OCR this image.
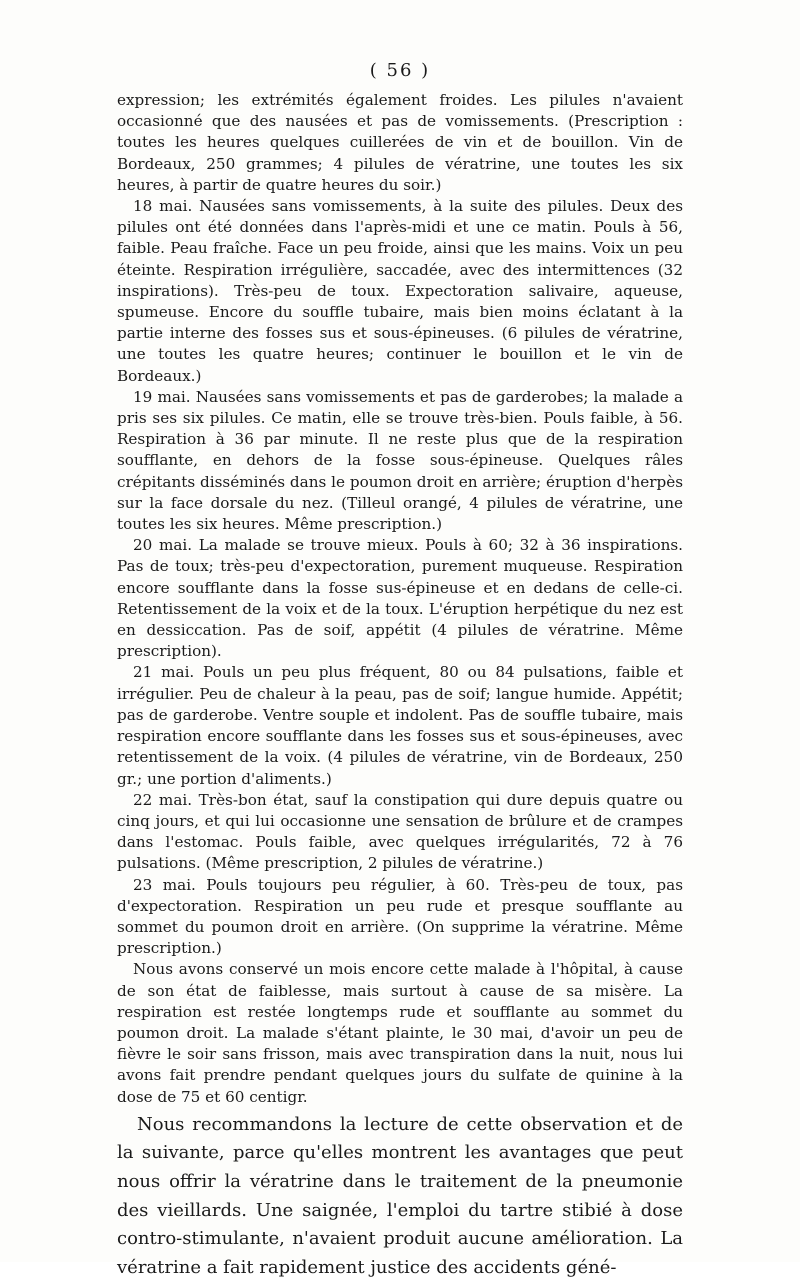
( 56 )

expression; les extrémités également froides. Les pilules n'avaient occasionné que des nausées et pas de vomissements. (Prescription : toutes les heures quelques cuillerées de vin et de bouillon. Vin de Bordeaux, 250 grammes; 4 pilules de vératrine, une toutes les six heures, à partir de quatre heures du soir.)

18 mai. Nausées sans vomissements, à la suite des pilules. Deux des pilules ont été données dans l'après-midi et une ce matin. Pouls à 56, faible. Peau fraîche. Face un peu froide, ainsi que les mains. Voix un peu éteinte. Respiration irrégulière, saccadée, avec des intermittences (32 inspirations). Très-peu de toux. Expectoration salivaire, aqueuse, spumeuse. Encore du souffle tubaire, mais bien moins éclatant à la partie interne des fosses sus et sous-épineuses. (6 pilules de vératrine, une toutes les quatre heures; continuer le bouillon et le vin de Bordeaux.)

19 mai. Nausées sans vomissements et pas de garderobes; la malade a pris ses six pilules. Ce matin, elle se trouve très-bien. Pouls faible, à 56. Respiration à 36 par minute. Il ne reste plus que de la respiration soufflante, en dehors de la fosse sous-épineuse. Quelques râles crépitants disséminés dans le poumon droit en arrière; éruption d'herpès sur la face dorsale du nez. (Tilleul orangé, 4 pilules de vératrine, une toutes les six heures. Même prescription.)

20 mai. La malade se trouve mieux. Pouls à 60; 32 à 36 inspirations. Pas de toux; très-peu d'expectoration, purement muqueuse. Respiration encore soufflante dans la fosse sus-épineuse et en dedans de celle-ci. Retentissement de la voix et de la toux. L'éruption herpétique du nez est en dessiccation. Pas de soif, appétit (4 pilules de vératrine. Même prescription).

21 mai. Pouls un peu plus fréquent, 80 ou 84 pulsations, faible et irrégulier. Peu de chaleur à la peau, pas de soif; langue humide. Appétit; pas de garderobe. Ventre souple et indolent. Pas de souffle tubaire, mais respiration encore soufflante dans les fosses sus et sous-épineuses, avec retentissement de la voix. (4 pilules de vératrine, vin de Bordeaux, 250 gr.; une portion d'aliments.)

22 mai. Très-bon état, sauf la constipation qui dure depuis quatre ou cinq jours, et qui lui occasionne une sensation de brûlure et de crampes dans l'estomac. Pouls faible, avec quelques irrégularités, 72 à 76 pulsations. (Même prescription, 2 pilules de vératrine.)

23 mai. Pouls toujours peu régulier, à 60. Très-peu de toux, pas d'expectoration. Respiration un peu rude et presque soufflante au sommet du poumon droit en arrière. (On supprime la vératrine. Même prescription.)

Nous avons conservé un mois encore cette malade à l'hôpital, à cause de son état de faiblesse, mais surtout à cause de sa misère. La respiration est restée longtemps rude et soufflante au sommet du poumon droit. La malade s'étant plainte, le 30 mai, d'avoir un peu de fièvre le soir sans frisson, mais avec transpiration dans la nuit, nous lui avons fait prendre pendant quelques jours du sulfate de quinine à la dose de 75 et 60 centigr.

Nous recommandons la lecture de cette observation et de la suivante, parce qu'elles montrent les avantages que peut nous offrir la vératrine dans le traitement de la pneumonie des vieillards. Une saignée, l'emploi du tartre stibié à dose contro-stimulante, n'avaient produit aucune amélioration. La vératrine a fait rapidement justice des accidents géné-
